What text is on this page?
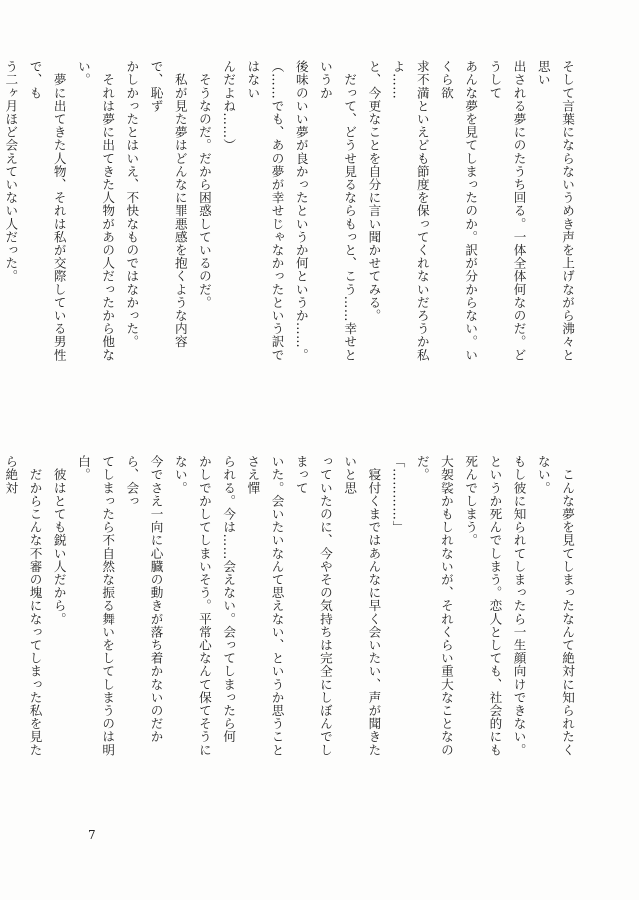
そして言葉にならないうめき声を上げながら沸々と思い
出される夢にのたうち回る。一体全体何なのだ。どうして
あんな夢を見てしまったのか。訳が分からない。いくら欲
求不満といえども節度を保ってくれないだろうか私よ……
と、今更なことを自分に言い聞かせてみる。
　だって、どうせ見るならもっと、こう……幸せというか
後味のいい夢が良かったというか何というか……。
（……でも、あの夢が幸せじゃなかったという訳ではない
んだよね……）
　そうなのだ。だから困惑しているのだ。
　私が見た夢はどんなに罪悪感を抱くような内容で、恥ず
かしかったとはいえ、不快なものではなかった。
　それは夢に出てきた人物があの人だったから他ない。
　夢に出てきた人物、それは私が交際している男性で、も
う二ヶ月ほど会えていない人だった。
　こんな夢を見てしまったなんて絶対に知られたくない。
もし彼に知られてしまったら一生顔向けできない。というか死んでしまう。恋人としても、社会的にも死んでしまう。
大袈裟かもしれないが、それくらい重大なことなのだ。
「…………」
　寝付くまではあんなに早く会いたい、声が聞きたいと思
っていたのに、今やその気持ちは完全にしぼんでしまって
いた。会いたいなんて思えない、というか思うことさえ憚
られる。今は……会えない。会ってしまったら何
かしでかしてしまいそう。平常心なんて保てそうにない。
今でさえ一向に心臓の動きが落ち着かないのだから、会っ
てしまったら不自然な振る舞いをしてしまうのは明白。
　彼はとても鋭い人だから。
　だからこんな不審の塊になってしまった私を見たら絶対
7
